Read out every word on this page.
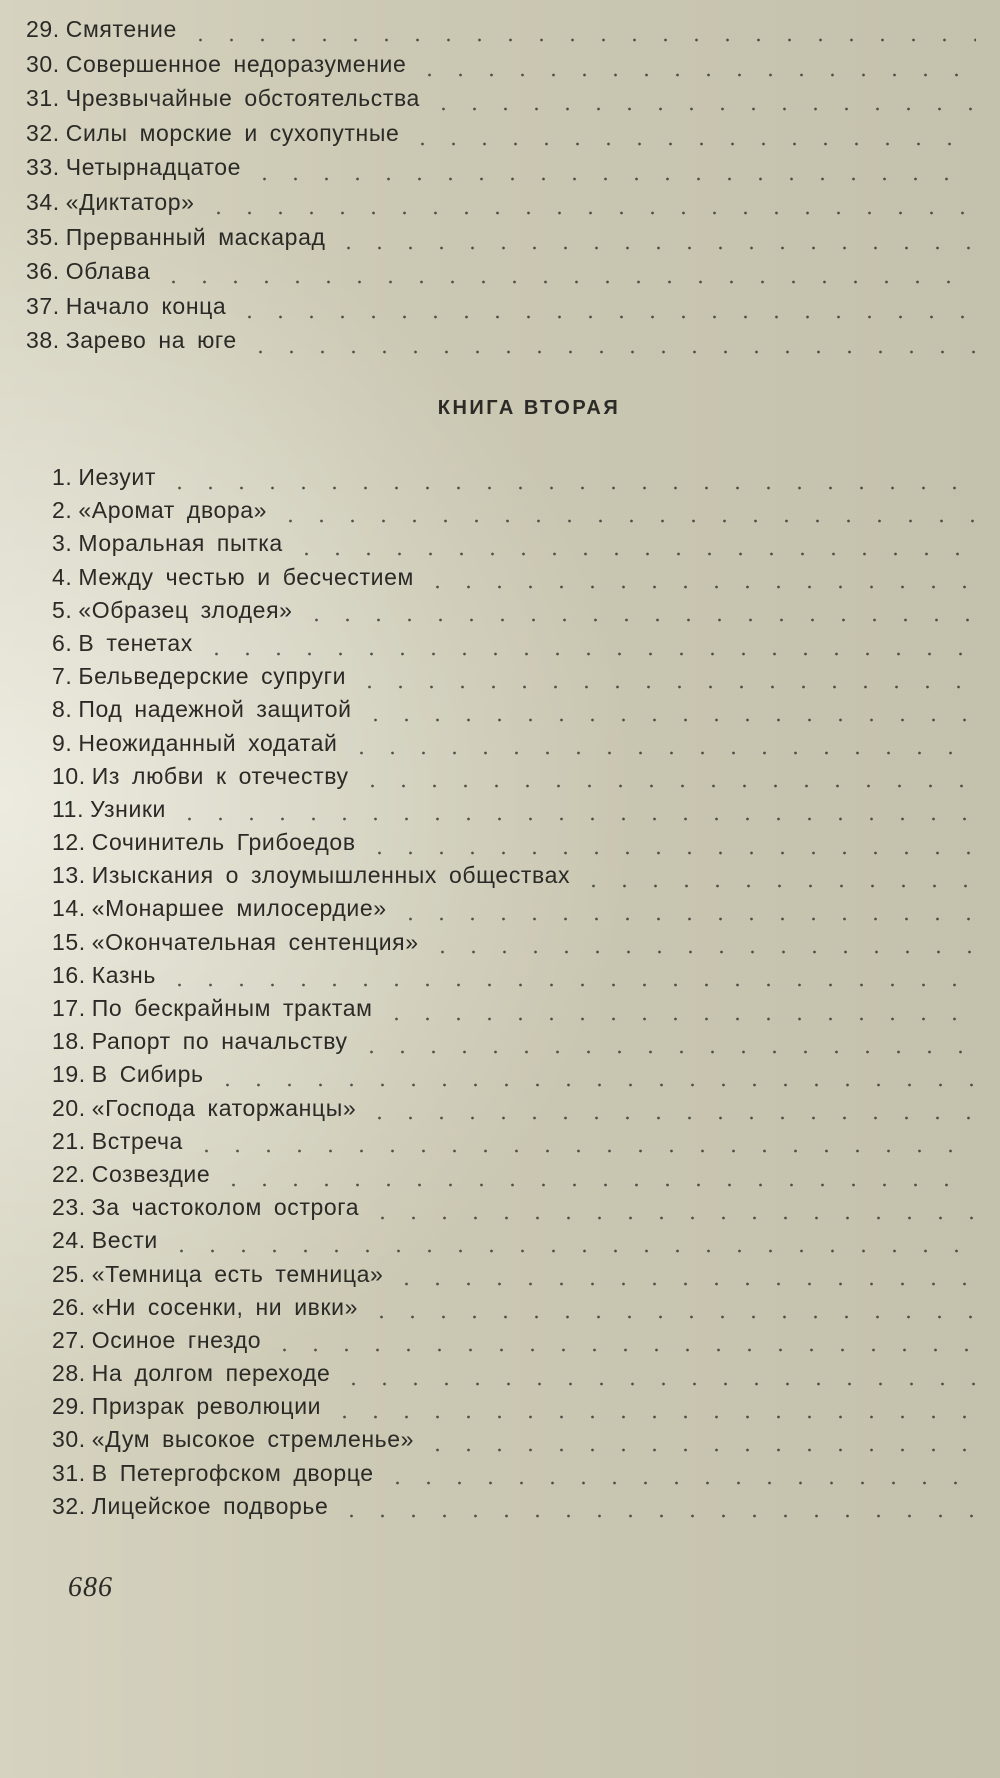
29. Смятение
30. Совершенное недоразумение
31. Чрезвычайные обстоятельства
32. Силы морские и сухопутные
33. Четырнадцатое
34. «Диктатор»
35. Прерванный маскарад
36. Облава
37. Начало конца
38. Зарево на юге
КНИГА ВТОРАЯ
1. Иезуит
2. «Аромат двора»
3. Моральная пытка
4. Между честью и бесчестием
5. «Образец злодея»
6. В тенетах
7. Бельведерские супруги
8. Под надежной защитой
9. Неожиданный ходатай
10. Из любви к отечеству
11. Узники
12. Сочинитель Грибоедов
13. Изыскания о злоумышленных обществах
14. «Монаршее милосердие»
15. «Окончательная сентенция»
16. Казнь
17. По бескрайным трактам
18. Рапорт по начальству
19. В Сибирь
20. «Господа каторжанцы»
21. Встреча
22. Созвездие
23. За частоколом острога
24. Вести
25. «Темница есть темница»
26. «Ни сосенки, ни ивки»
27. Осиное гнездо
28. На долгом переходе
29. Призрак революции
30. «Дум высокое стремленье»
31. В Петергофском дворце
32. Лицейское подворье
686
